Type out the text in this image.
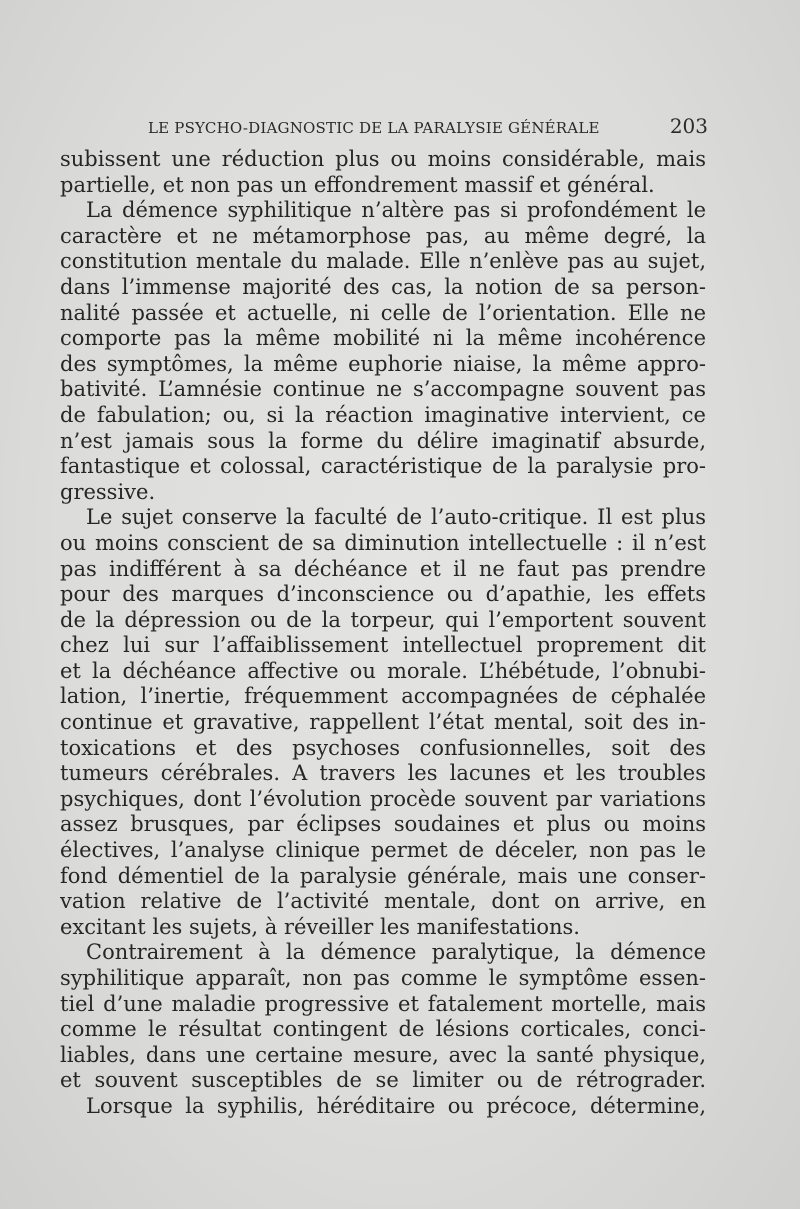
LE PSYCHO-DIAGNOSTIC DE LA PARALYSIE GÉNÉRALE	203
subissent une réduction plus ou moins considérable, mais
partielle, et non pas un effondrement massif et général.
La démence syphilitique n’altère pas si profondément le
caractère et ne métamorphose pas, au même degré, la
constitution mentale du malade. Elle n’enlève pas au sujet,
dans l’immense majorité des cas, la notion de sa person-
nalité passée et actuelle, ni celle de l’orientation. Elle ne
comporte pas la même mobilité ni la même incohérence
des symptômes, la même euphorie niaise, la même appro-
bativité. L’amnésie continue ne s’accompagne souvent pas
de fabulation; ou, si la réaction imaginative intervient, ce
n’est jamais sous la forme du délire imaginatif absurde,
fantastique et colossal, caractéristique de la paralysie pro-
gressive.
Le sujet conserve la faculté de l’auto-critique. Il est plus
ou moins conscient de sa diminution intellectuelle : il n’est
pas indifférent à sa déchéance et il ne faut pas prendre
pour des marques d’inconscience ou d’apathie, les effets
de la dépression ou de la torpeur, qui l’emportent souvent
chez lui sur l’affaiblissement intellectuel proprement dit
et la déchéance affective ou morale. L’hébétude, l’obnubi-
lation, l’inertie, fréquemment accompagnées de céphalée
continue et gravative, rappellent l’état mental, soit des in-
toxications et des psychoses confusionnelles, soit des
tumeurs cérébrales. A travers les lacunes et les troubles
psychiques, dont l’évolution procède souvent par variations
assez brusques, par éclipses soudaines et plus ou moins
électives, l’analyse clinique permet de déceler, non pas le
fond démentiel de la paralysie générale, mais une conser-
vation relative de l’activité mentale, dont on arrive, en
excitant les sujets, à réveiller les manifestations.
Contrairement à la démence paralytique, la démence
syphilitique apparaît, non pas comme le symptôme essen-
tiel d’une maladie progressive et fatalement mortelle, mais
comme le résultat contingent de lésions corticales, conci-
liables, dans une certaine mesure, avec la santé physique,
et souvent susceptibles de se limiter ou de rétrograder.
Lorsque la syphilis, héréditaire ou précoce, détermine,
